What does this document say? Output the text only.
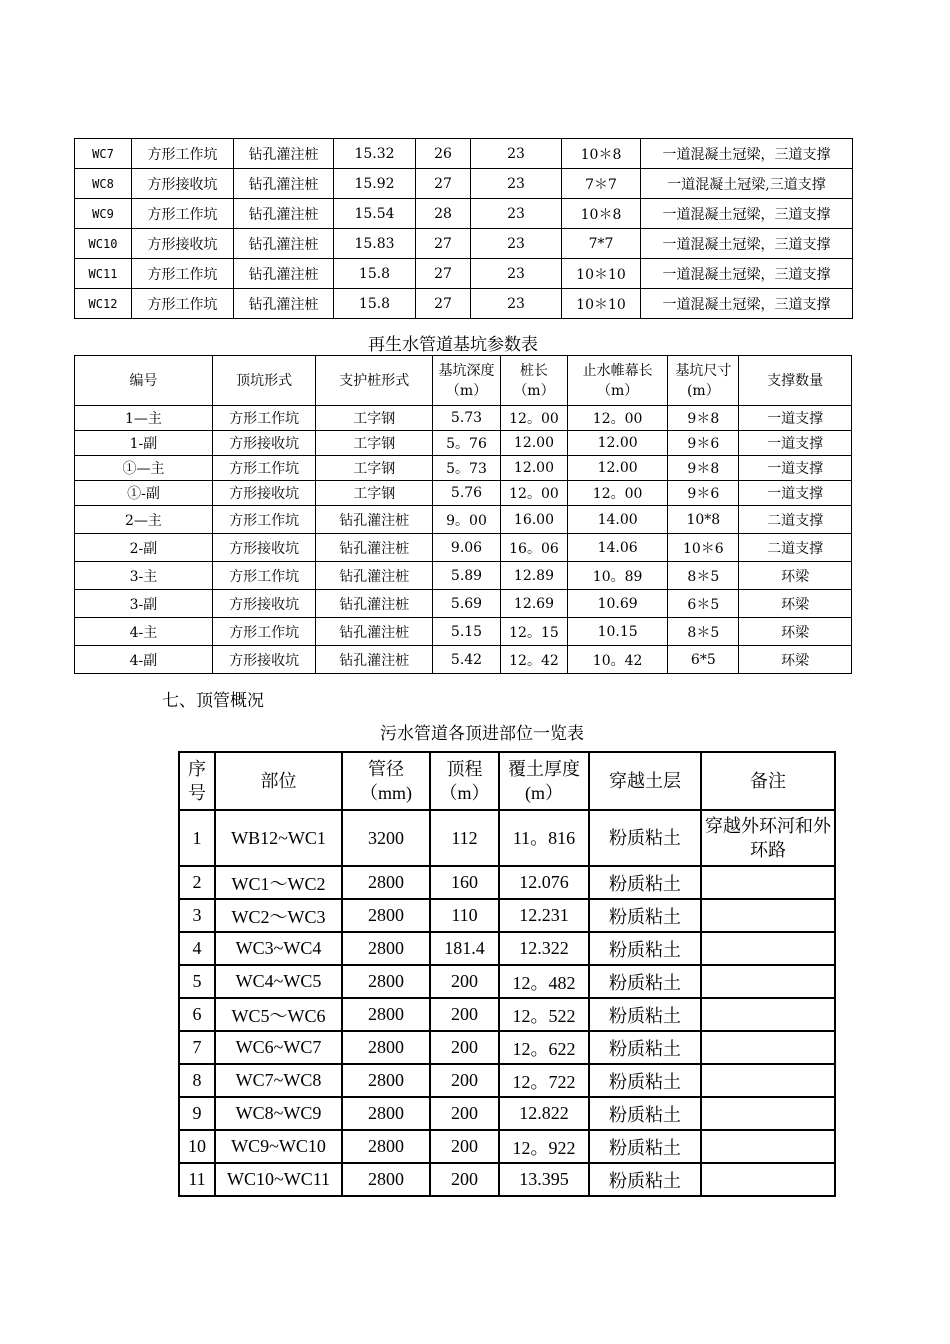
WC7	方形工作坑	钻孔灌注桩	15.32	26	23	10＊8	一道混凝土冠梁，三道支撑
WC8	方形接收坑	钻孔灌注桩	15.92	27	23	7＊7	一道混凝土冠梁,三道支撑
WC9	方形工作坑	钻孔灌注桩	15.54	28	23	10＊8	一道混凝土冠梁，三道支撑
WC10	方形接收坑	钻孔灌注桩	15.83	27	23	7*7	一道混凝土冠梁，三道支撑
WC11	方形工作坑	钻孔灌注桩	15.8	27	23	10＊10	一道混凝土冠梁，三道支撑
WC12	方形工作坑	钻孔灌注桩	15.8	27	23	10＊10	一道混凝土冠梁，三道支撑
再生水管道基坑参数表
编号	顶坑形式	支护桩形式	基坑深度（m）	桩长（m）	止水帷幕长（m）	基坑尺寸(m）	支撑数量
1—主	方形工作坑	工字钢	5.73	12。00	12。00	9＊8	一道支撑
1-副	方形接收坑	工字钢	5。76	12.00	12.00	9＊6	一道支撑
①—主	方形工作坑	工字钢	5。73	12.00	12.00	9＊8	一道支撑
①-副	方形接收坑	工字钢	5.76	12。00	12。00	9＊6	一道支撑
2—主	方形工作坑	钻孔灌注桩	9。00	16.00	14.00	10*8	二道支撑
2-副	方形接收坑	钻孔灌注桩	9.06	16。06	14.06	10＊6	二道支撑
3-主	方形工作坑	钻孔灌注桩	5.89	12.89	10。89	8＊5	环梁
3-副	方形接收坑	钻孔灌注桩	5.69	12.69	10.69	6＊5	环梁
4-主	方形工作坑	钻孔灌注桩	5.15	12。15	10.15	8＊5	环梁
4-副	方形接收坑	钻孔灌注桩	5.42	12。42	10。42	6*5	环梁
七、顶管概况
污水管道各顶进部位一览表
序号	部位	管径（mm)	顶程（m）	覆土厚度(m）	穿越土层	备注
1	WB12~WC1	3200	112	11。816	粉质粘土	穿越外环河和外环路
2	WC1～WC2	2800	160	12.076	粉质粘土	
3	WC2～WC3	2800	110	12.231	粉质粘土	
4	WC3~WC4	2800	181.4	12.322	粉质粘土	
5	WC4~WC5	2800	200	12。482	粉质粘土	
6	WC5～WC6	2800	200	12。522	粉质粘土	
7	WC6~WC7	2800	200	12。622	粉质粘土	
8	WC7~WC8	2800	200	12。722	粉质粘土	
9	WC8~WC9	2800	200	12.822	粉质粘土	
10	WC9~WC10	2800	200	12。922	粉质粘土	
11	WC10~WC11	2800	200	13.395	粉质粘土	
